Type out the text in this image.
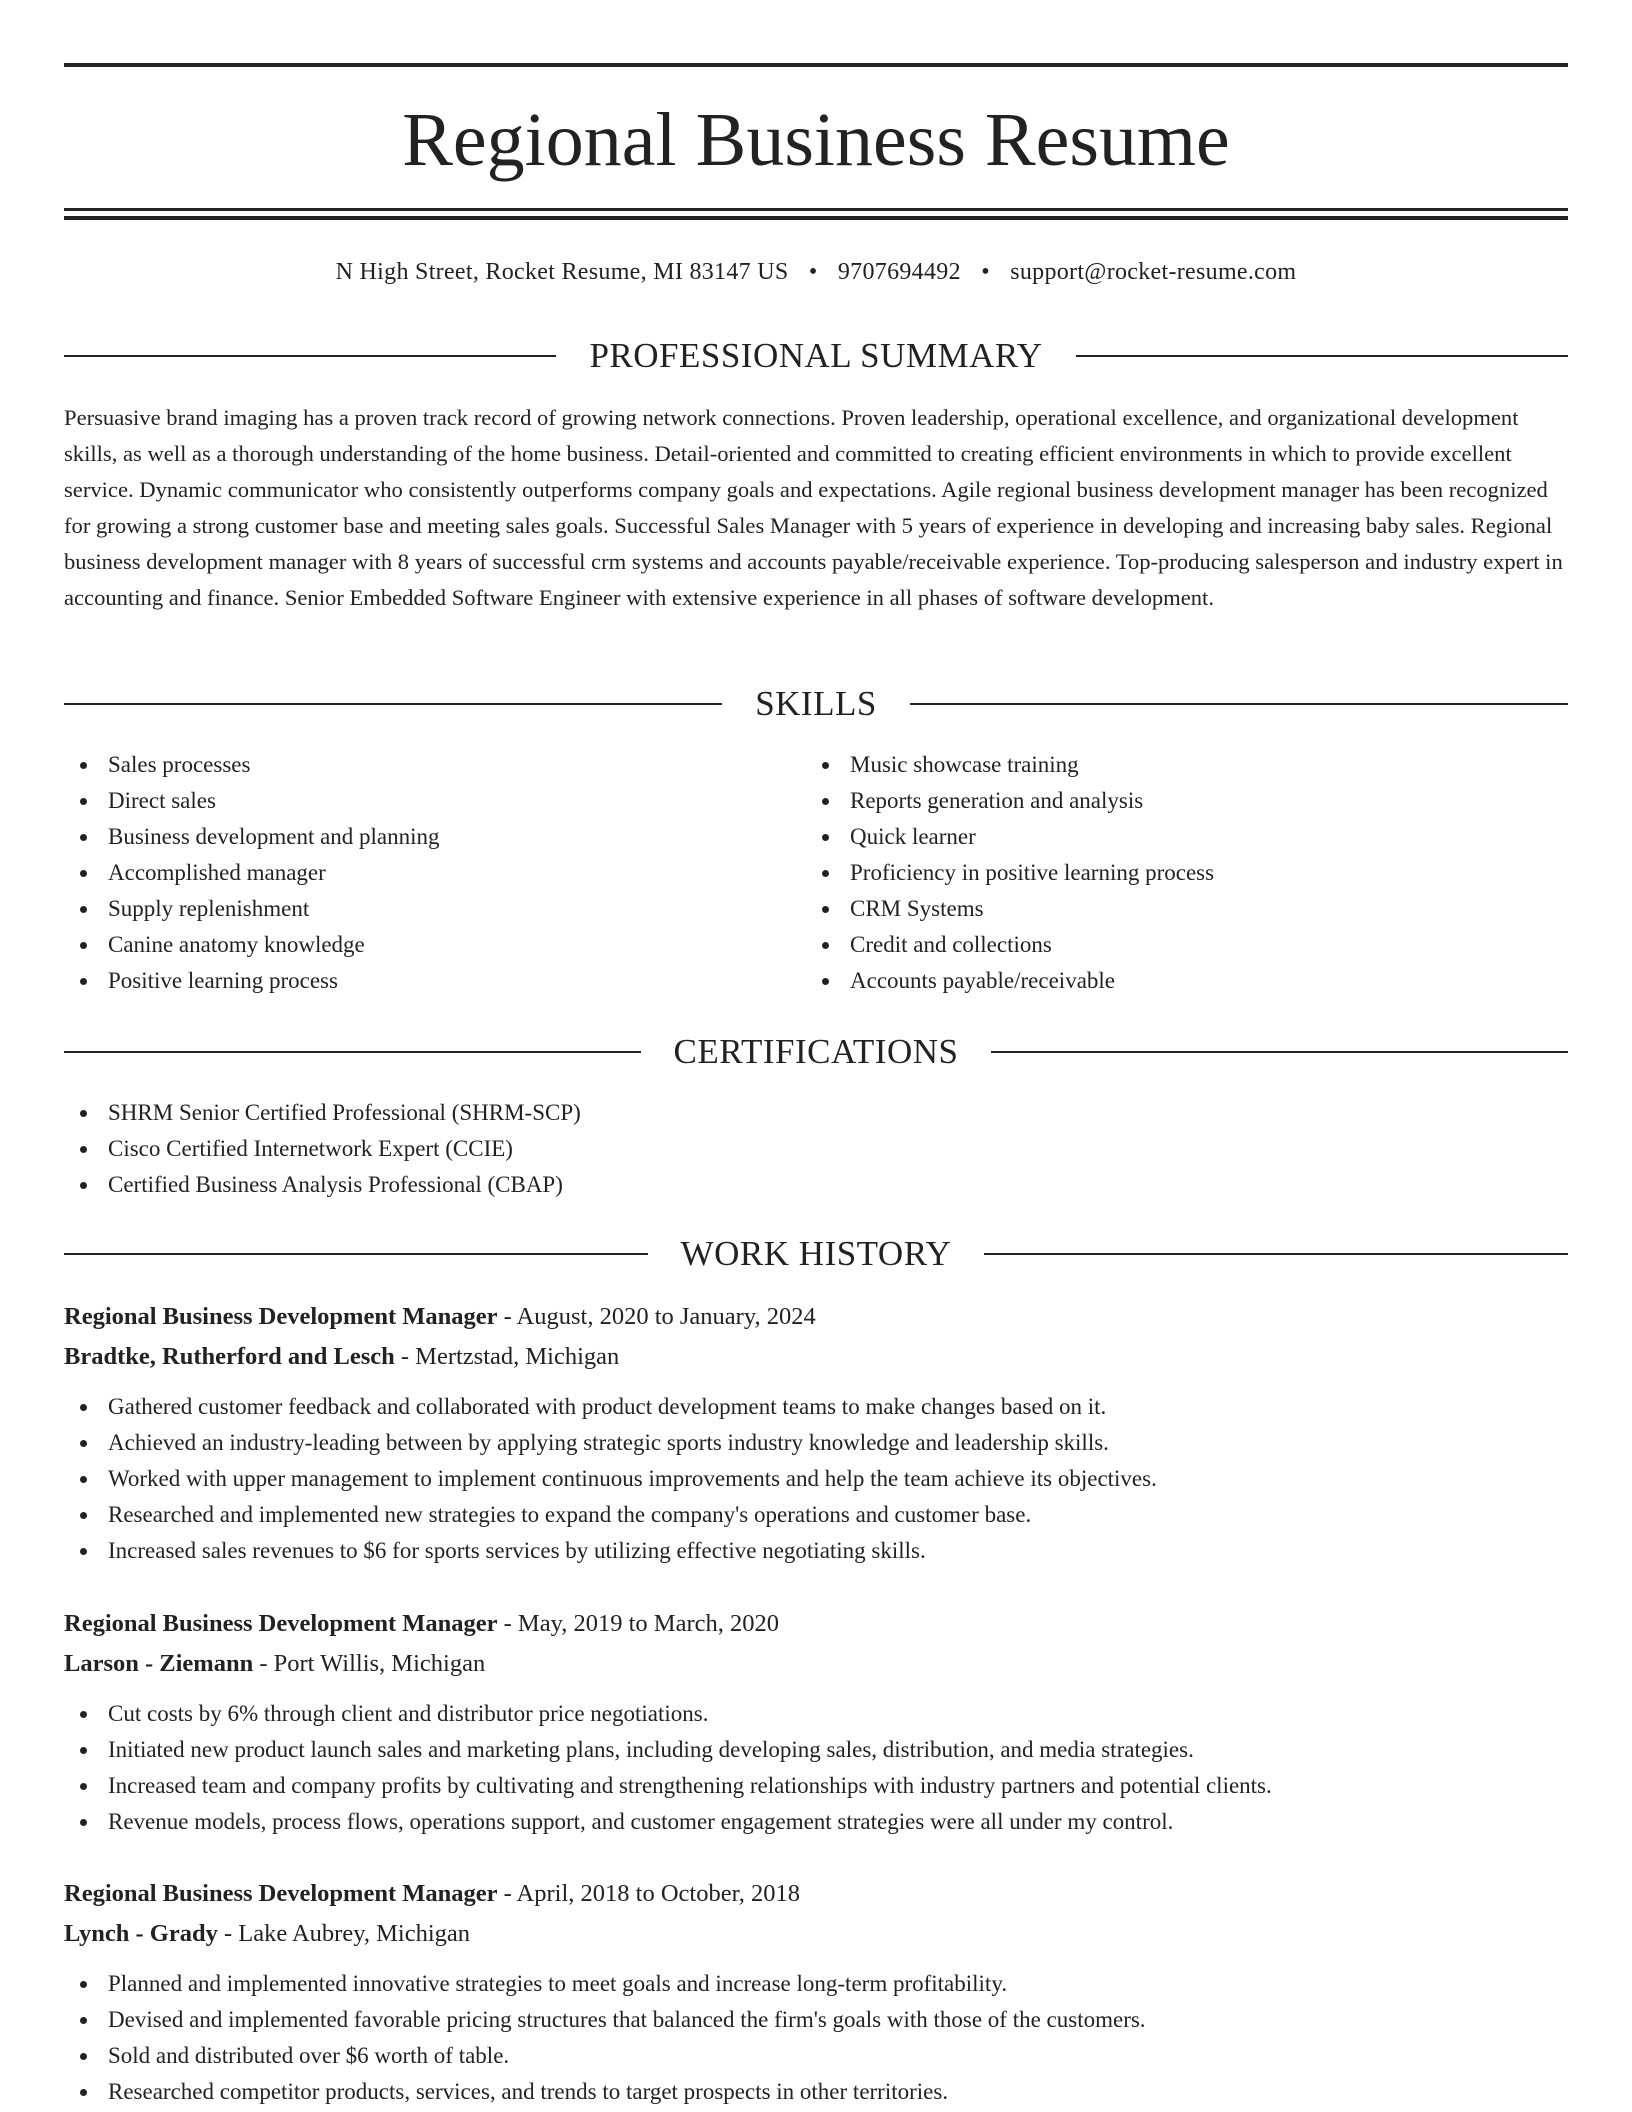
Regional Business Resume
N High Street, Rocket Resume, MI 83147 US • 9707694492 • support@rocket-resume.com
PROFESSIONAL SUMMARY

Persuasive brand imaging has a proven track record of growing network connections. Proven leadership, operational excellence, and organizational development skills, as well as a thorough understanding of the home business. Detail-oriented and committed to creating efficient environments in which to provide excellent service. Dynamic communicator who consistently outperforms company goals and expectations. Agile regional business development manager has been recognized for growing a strong customer base and meeting sales goals. Successful Sales Manager with 5 years of experience in developing and increasing baby sales. Regional business development manager with 8 years of successful crm systems and accounts payable/receivable experience. Top-producing salesperson and industry expert in accounting and finance. Senior Embedded Software Engineer with extensive experience in all phases of software development.

SKILLS
Sales processes
Direct sales
Business development and planning
Accomplished manager
Supply replenishment
Canine anatomy knowledge
Positive learning process
Music showcase training
Reports generation and analysis
Quick learner
Proficiency in positive learning process
CRM Systems
Credit and collections
Accounts payable/receivable
CERTIFICATIONS
SHRM Senior Certified Professional (SHRM-SCP)
Cisco Certified Internetwork Expert (CCIE)
Certified Business Analysis Professional (CBAP)
WORK HISTORY
Regional Business Development Manager - August, 2020 to January, 2024
Bradtke, Rutherford and Lesch - Mertzstad, Michigan
Gathered customer feedback and collaborated with product development teams to make changes based on it.
Achieved an industry-leading between by applying strategic sports industry knowledge and leadership skills.
Worked with upper management to implement continuous improvements and help the team achieve its objectives.
Researched and implemented new strategies to expand the company's operations and customer base.
Increased sales revenues to $6 for sports services by utilizing effective negotiating skills.
Regional Business Development Manager - May, 2019 to March, 2020
Larson - Ziemann - Port Willis, Michigan
Cut costs by 6% through client and distributor price negotiations.
Initiated new product launch sales and marketing plans, including developing sales, distribution, and media strategies.
Increased team and company profits by cultivating and strengthening relationships with industry partners and potential clients.
Revenue models, process flows, operations support, and customer engagement strategies were all under my control.
Regional Business Development Manager - April, 2018 to October, 2018
Lynch - Grady - Lake Aubrey, Michigan
Planned and implemented innovative strategies to meet goals and increase long-term profitability.
Devised and implemented favorable pricing structures that balanced the firm's goals with those of the customers.
Sold and distributed over $6 worth of table.
Researched competitor products, services, and trends to target prospects in other territories.
